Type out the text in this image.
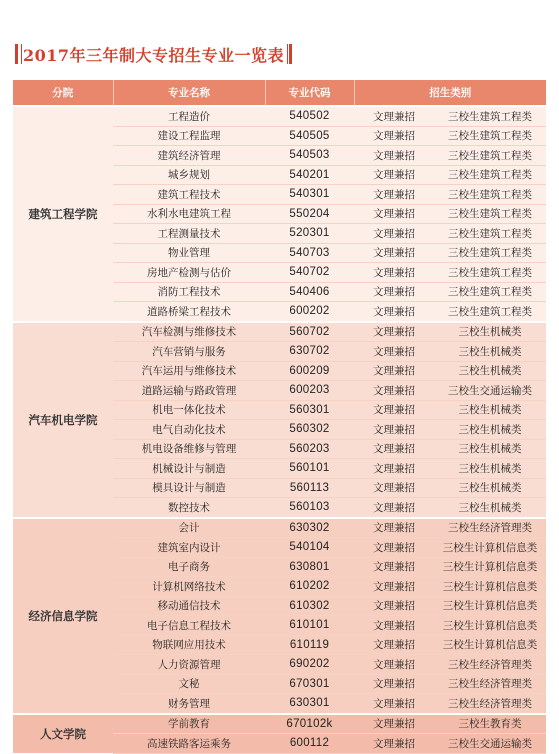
2017年三年制大专招生专业一览表
分院	专业名称	专业代码	招生类别	
建筑工程学院	工程造价	540502	文理兼招	三校生建筑工程类
	建设工程监理	540505	文理兼招	三校生建筑工程类
	建筑经济管理	540503	文理兼招	三校生建筑工程类
	城乡规划	540201	文理兼招	三校生建筑工程类
	建筑工程技术	540301	文理兼招	三校生建筑工程类
	水利水电建筑工程	550204	文理兼招	三校生建筑工程类
	工程测量技术	520301	文理兼招	三校生建筑工程类
	物业管理	540703	文理兼招	三校生建筑工程类
	房地产检测与估价	540702	文理兼招	三校生建筑工程类
	消防工程技术	540406	文理兼招	三校生建筑工程类
	道路桥梁工程技术	600202	文理兼招	三校生建筑工程类
汽车机电学院	汽车检测与维修技术	560702	文理兼招	三校生机械类
	汽车营销与服务	630702	文理兼招	三校生机械类
	汽车运用与维修技术	600209	文理兼招	三校生机械类
	道路运输与路政管理	600203	文理兼招	三校生交通运输类
	机电一体化技术	560301	文理兼招	三校生机械类
	电气自动化技术	560302	文理兼招	三校生机械类
	机电设备维修与管理	560203	文理兼招	三校生机械类
	机械设计与制造	560101	文理兼招	三校生机械类
	模具设计与制造	560113	文理兼招	三校生机械类
	数控技术	560103	文理兼招	三校生机械类
经济信息学院	会计	630302	文理兼招	三校生经济管理类
	建筑室内设计	540104	文理兼招	三校生计算机信息类
	电子商务	630801	文理兼招	三校生计算机信息类
	计算机网络技术	610202	文理兼招	三校生计算机信息类
	移动通信技术	610302	文理兼招	三校生计算机信息类
	电子信息工程技术	610101	文理兼招	三校生计算机信息类
	物联网应用技术	610119	文理兼招	三校生计算机信息类
	人力资源管理	690202	文理兼招	三校生经济管理类
	文秘	670301	文理兼招	三校生经济管理类
	财务管理	630301	文理兼招	三校生经济管理类
人文学院	学前教育	670102k	文理兼招	三校生教育类
	高速铁路客运乘务	600112	文理兼招	三校生交通运输类
